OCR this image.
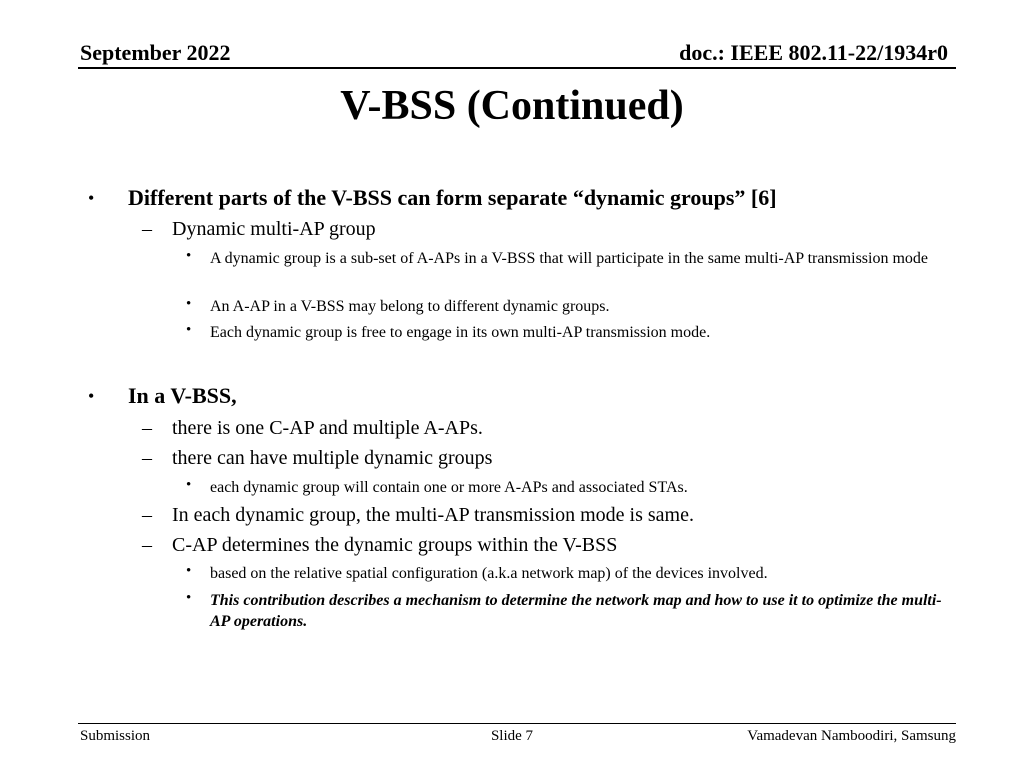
September 2022	doc.: IEEE 802.11-22/1934r0
V-BSS (Continued)
• Different parts of the V-BSS can form separate “dynamic groups” [6]
– Dynamic multi-AP group
• A dynamic group is a sub-set of A-APs in a V-BSS that will participate in the same multi-AP transmission mode
• An A-AP in a V-BSS may belong to different dynamic groups.
• Each dynamic group is free to engage in its own multi-AP transmission mode.
• In a V-BSS,
– there is one C-AP and multiple A-APs.
– there can have multiple dynamic groups
• each dynamic group will contain one or more A-APs and associated STAs.
– In each dynamic group, the multi-AP transmission mode is same.
– C-AP determines the dynamic groups within the V-BSS
• based on the relative spatial configuration (a.k.a network map) of the devices involved.
• This contribution describes a mechanism to determine the network map and how to use it to optimize the multi-AP operations.
Submission	Slide 7	Vamadevan Namboodiri, Samsung
